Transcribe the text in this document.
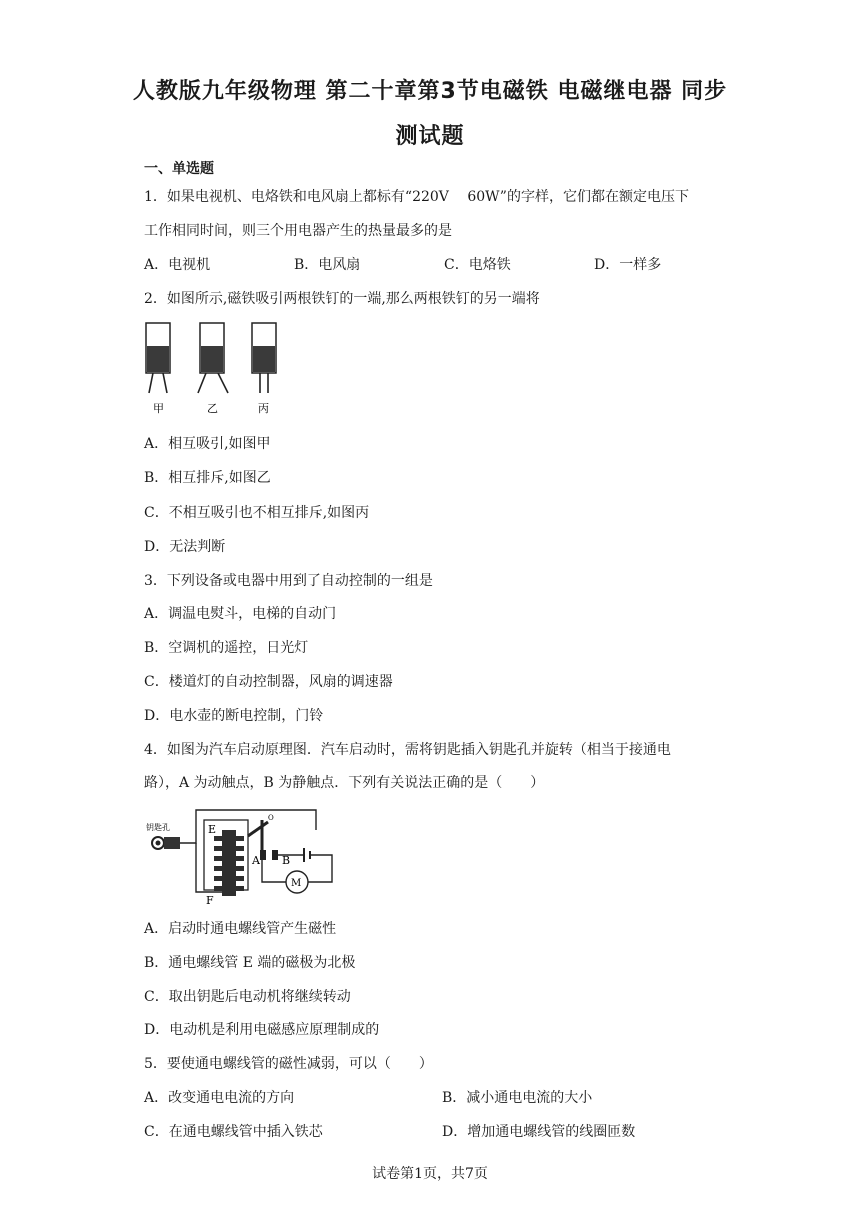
人教版九年级物理 第二十章第3节电磁铁 电磁继电器 同步
测试题
一、单选题
1．如果电视机、电烙铁和电风扇上都标有“220V　 60W”的字样，它们都在额定电压下
工作相同时间，则三个用电器产生的热量最多的是
A．电视机	B．电风扇	C．电烙铁	D．一样多
2．如图所示,磁铁吸引两根铁钉的一端,那么两根铁钉的另一端将
甲	乙	丙
A．相互吸引,如图甲
B．相互排斥,如图乙
C．不相互吸引也不相互排斥,如图丙
D．无法判断
3．下列设备或电器中用到了自动控制的一组是
A．调温电熨斗，电梯的自动门
B．空调机的遥控，日光灯
C．楼道灯的自动控制器，风扇的调速器
D．电水壶的断电控制，门铃
4．如图为汽车启动原理图．汽车启动时，需将钥匙插入钥匙孔并旋转（相当于接通电
路），A 为动触点，B 为静触点．下列有关说法正确的是（　　）
钥匙孔	E
F
O
A B
M
A．启动时通电螺线管产生磁性
B．通电螺线管 E 端的磁极为北极
C．取出钥匙后电动机将继续转动
D．电动机是利用电磁感应原理制成的
5．要使通电螺线管的磁性减弱，可以（　　）
A．改变通电电流的方向	B．减小通电电流的大小
C．在通电螺线管中插入铁芯	D．增加通电螺线管的线圈匝数
试卷第1页，共7页
